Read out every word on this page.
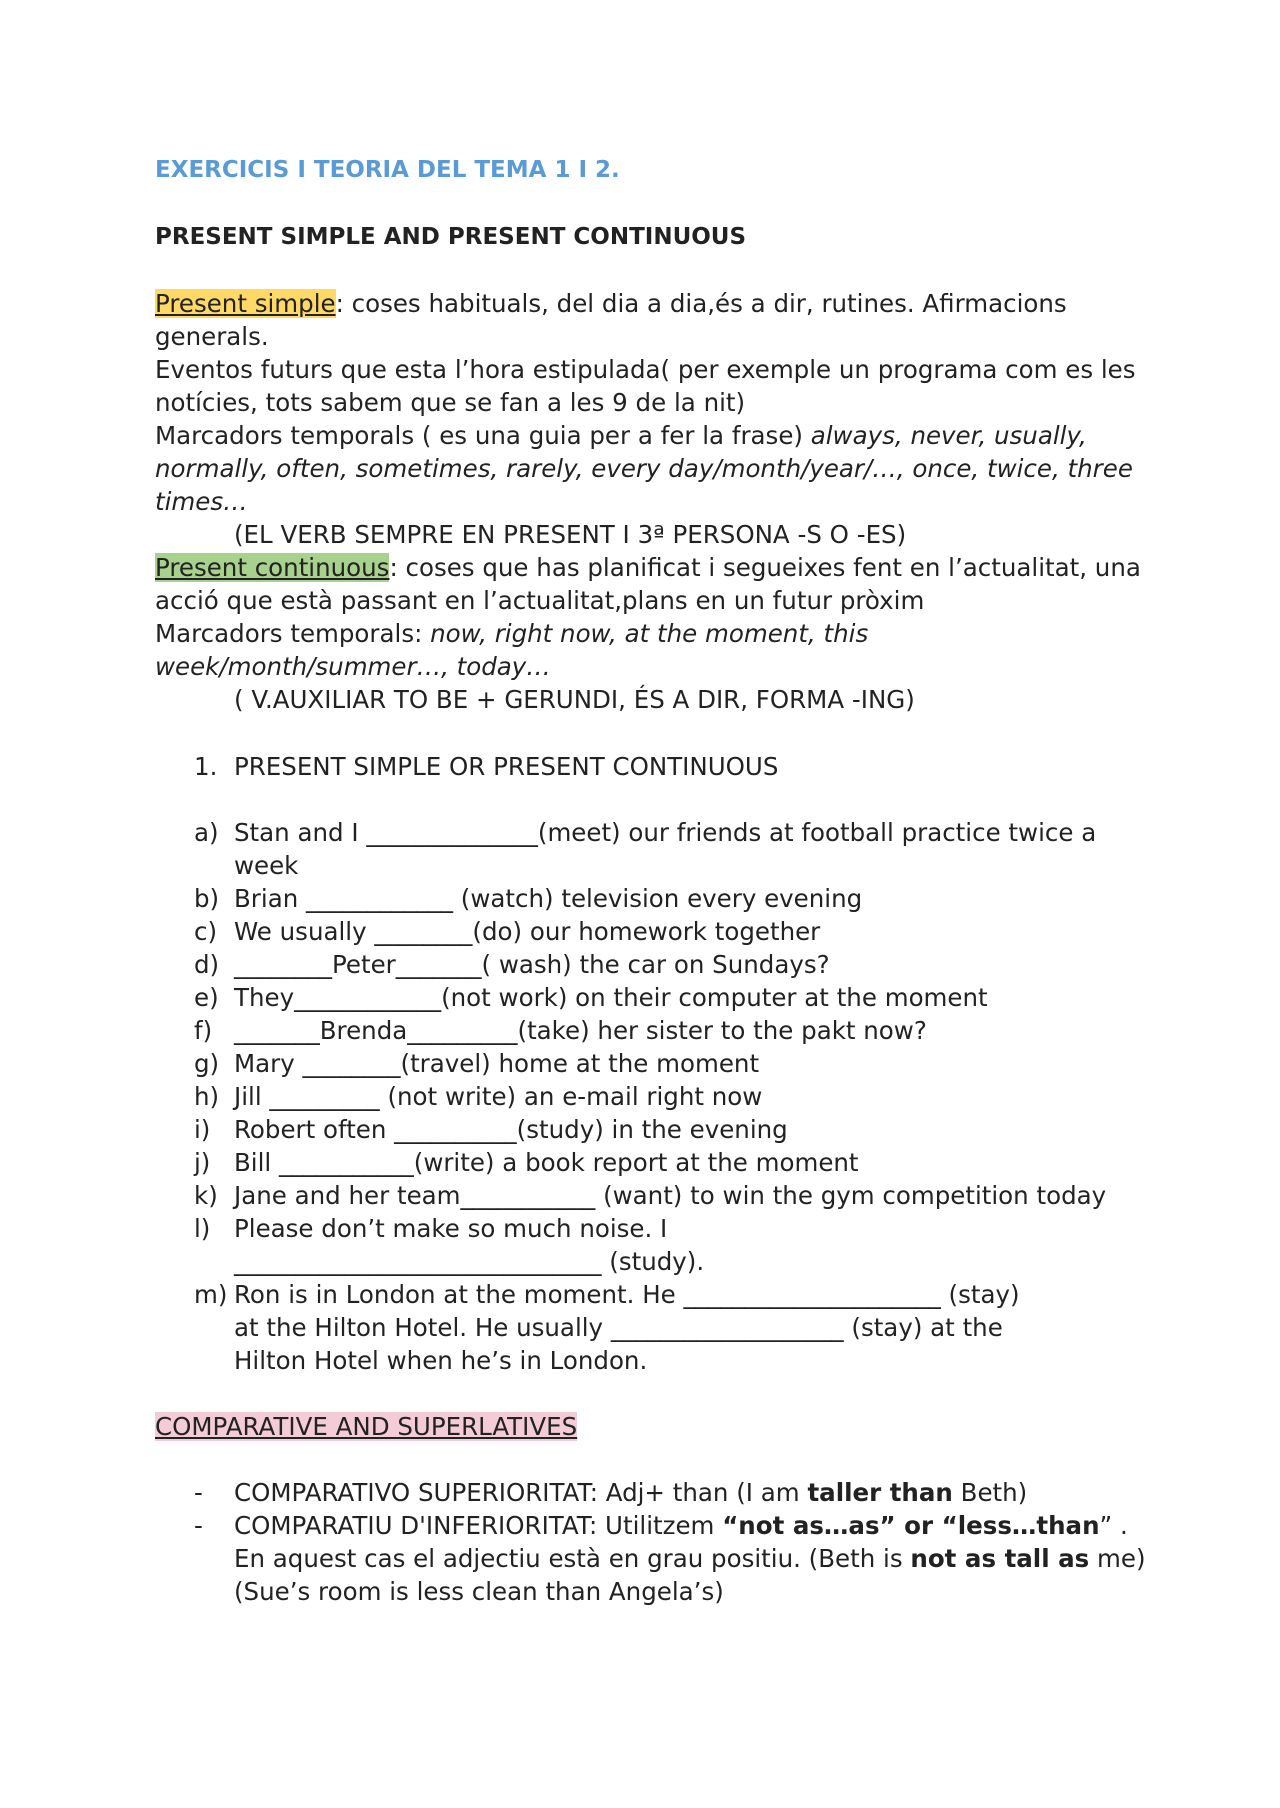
EXERCICIS I TEORIA DEL TEMA 1 I 2.
PRESENT SIMPLE AND PRESENT CONTINUOUS
Present simple: coses habituals, del dia a dia,és a dir, rutines. Afirmacions
generals.
Eventos futurs que esta l’hora estipulada( per exemple un programa com es les
notícies, tots sabem que se fan a les 9 de la nit)
Marcadors temporals ( es una guia per a fer la frase) always, never, usually,
normally, often, sometimes, rarely, every day/month/year/…, once, twice, three
times…
(EL VERB SEMPRE EN PRESENT I 3ª PERSONA -S O -ES)
Present continuous: coses que has planificat i segueixes fent en l’actualitat, una
acció que està passant en l’actualitat,plans en un futur pròxim
Marcadors temporals: now, right now, at the moment, this
week/month/summer…, today…
( V.AUXILIAR TO BE + GERUNDI, ÉS A DIR, FORMA -ING)
1. PRESENT SIMPLE OR PRESENT CONTINUOUS
a) Stan and I ______________(meet) our friends at football practice twice a
week
b) Brian ____________ (watch) television every evening
c) We usually ________(do) our homework together
d) ________Peter_______( wash) the car on Sundays?
e) They____________(not work) on their computer at the moment
f) _______Brenda_________(take) her sister to the pakt now?
g) Mary ________(travel) home at the moment
h) Jill _________ (not write) an e-mail right now
i) Robert often __________(study) in the evening
j) Bill ___________(write) a book report at the moment
k) Jane and her team___________ (want) to win the gym competition today
l) Please don’t make so much noise. I
______________________________ (study).
m) Ron is in London at the moment. He _____________________ (stay)
at the Hilton Hotel. He usually ___________________ (stay) at the
Hilton Hotel when he’s in London.
COMPARATIVE AND SUPERLATIVES
- COMPARATIVO SUPERIORITAT: Adj+ than (I am taller than Beth)
- COMPARATIU D'INFERIORITAT: Utilitzem “not as…as” or “less…than” .
En aquest cas el adjectiu està en grau positiu. (Beth is not as tall as me)
(Sue’s room is less clean than Angela’s)
